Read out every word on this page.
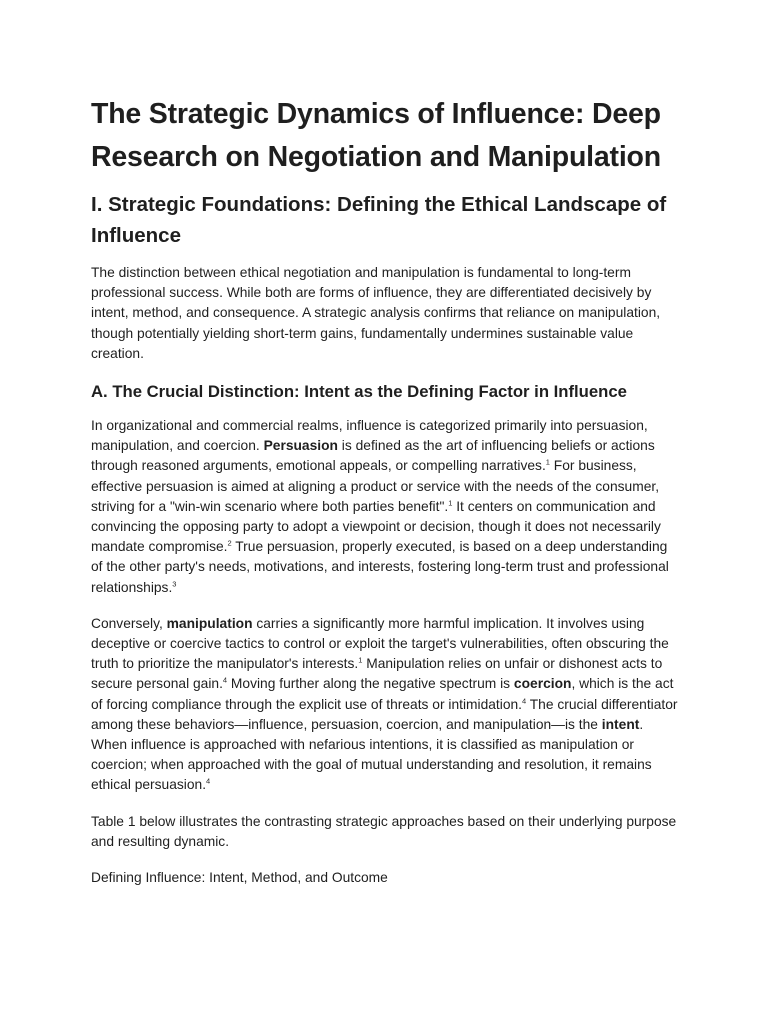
The Strategic Dynamics of Influence: Deep Research on Negotiation and Manipulation
I. Strategic Foundations: Defining the Ethical Landscape of Influence

The distinction between ethical negotiation and manipulation is fundamental to long-term professional success. While both are forms of influence, they are differentiated decisively by intent, method, and consequence. A strategic analysis confirms that reliance on manipulation, though potentially yielding short-term gains, fundamentally undermines sustainable value creation.

A. The Crucial Distinction: Intent as the Defining Factor in Influence

In organizational and commercial realms, influence is categorized primarily into persuasion, manipulation, and coercion. Persuasion is defined as the art of influencing beliefs or actions through reasoned arguments, emotional appeals, or compelling narratives.$^1$ For business, effective persuasion is aimed at aligning a product or service with the needs of the consumer, striving for a "win-win scenario where both parties benefit".$^1$ It centers on communication and convincing the opposing party to adopt a viewpoint or decision, though it does not necessarily mandate compromise.$^2$ True persuasion, properly executed, is based on a deep understanding of the other party's needs, motivations, and interests, fostering long-term trust and professional relationships.$^3$

Conversely, manipulation carries a significantly more harmful implication. It involves using deceptive or coercive tactics to control or exploit the target's vulnerabilities, often obscuring the truth to prioritize the manipulator's interests.$^1$ Manipulation relies on unfair or dishonest acts to secure personal gain.$^4$ Moving further along the negative spectrum is coercion, which is the act of forcing compliance through the explicit use of threats or intimidation.$^4$ The crucial differentiator among these behaviors—influence, persuasion, coercion, and manipulation—is the intent. When influence is approached with nefarious intentions, it is classified as manipulation or coercion; when approached with the goal of mutual understanding and resolution, it remains ethical persuasion.$^4$

Table 1 below illustrates the contrasting strategic approaches based on their underlying purpose and resulting dynamic.

Defining Influence: Intent, Method, and Outcome
